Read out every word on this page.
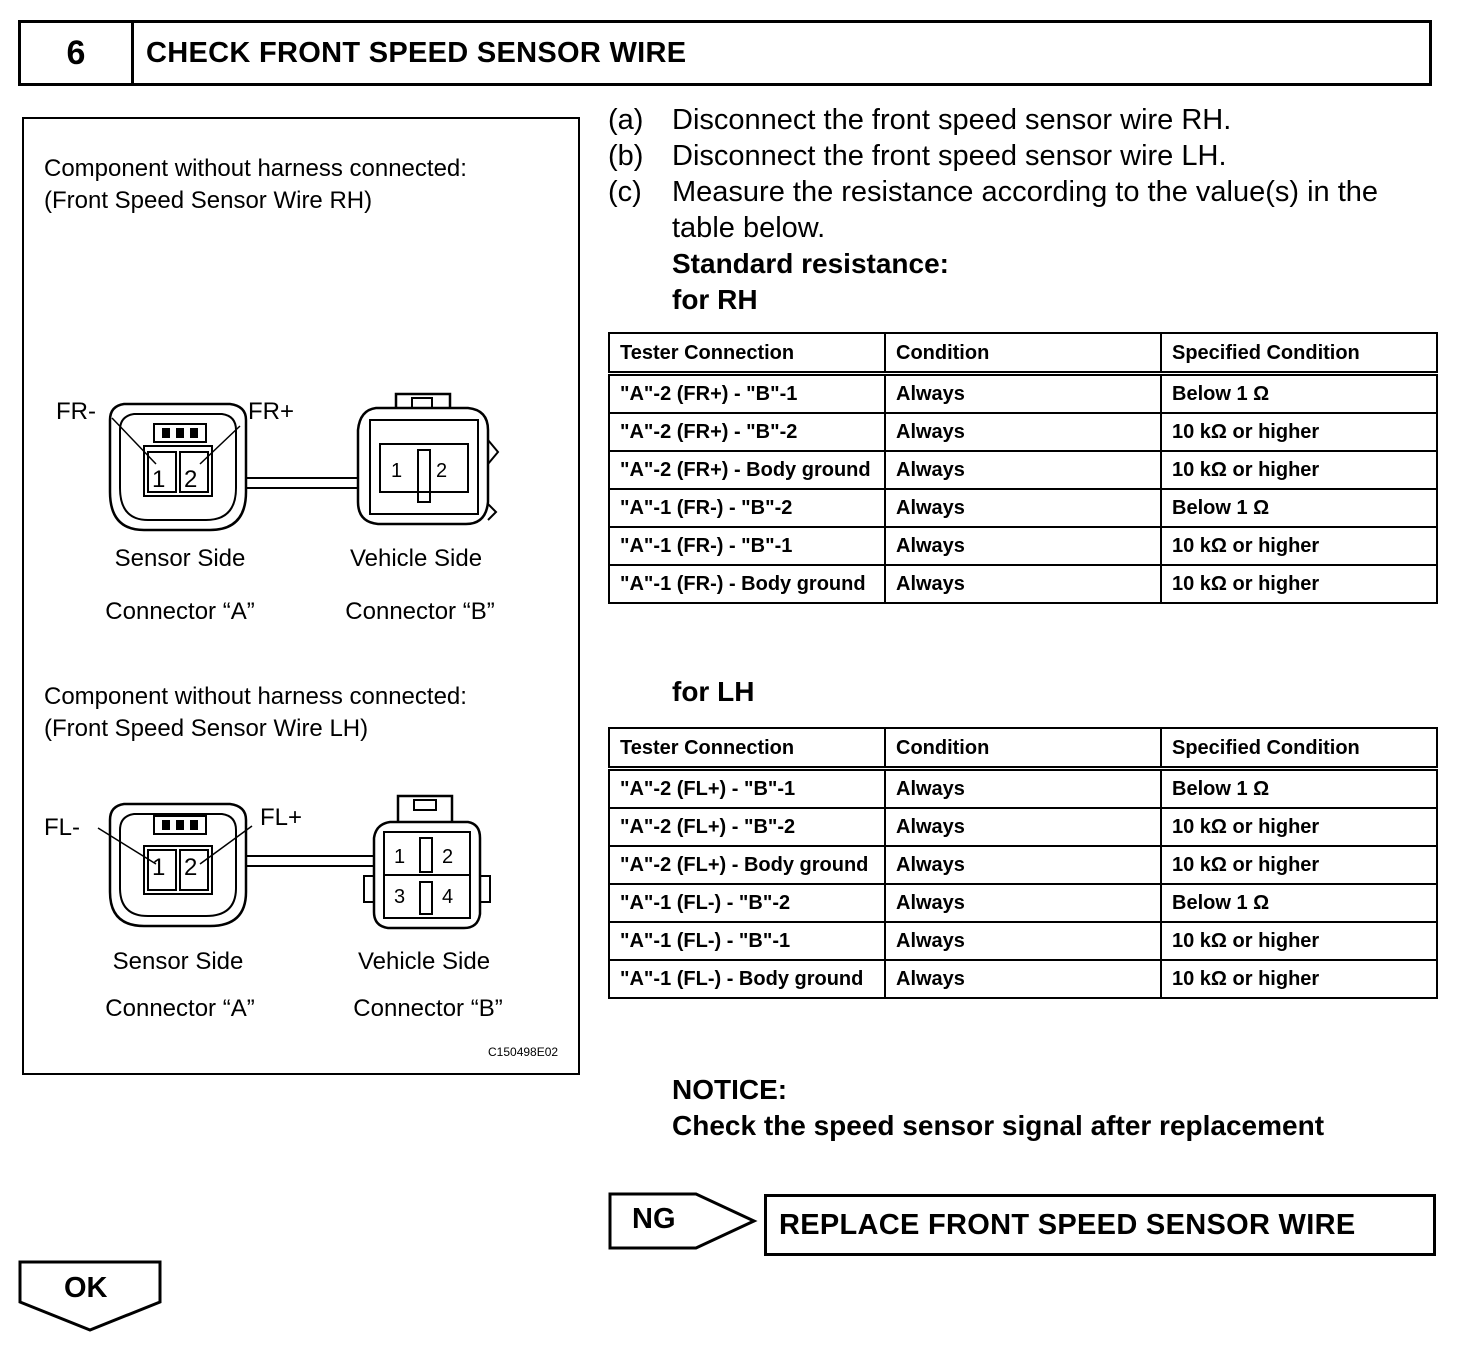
6	CHECK FRONT SPEED SENSOR WIRE
Component without harness connected:
(Front Speed Sensor Wire RH)
FR-	FR+
1 2	1 2
Sensor Side	Vehicle Side
Connector “A”	Connector “B”
Component without harness connected:
(Front Speed Sensor Wire LH)
FL-	FL+
1 2	1 2
3 4
Sensor Side	Vehicle Side
Connector “A”	Connector “B”
C150498E02
(a) Disconnect the front speed sensor wire RH.
(b) Disconnect the front speed sensor wire LH.
(c)	Measure the resistance according to the value(s) in the table below.
Standard resistance:
for RH
Tester Connection	Condition	Specified Condition
"A"-2 (FR+) - "B"-1	Always	Below 1 Ω
"A"-2 (FR+) - "B"-2	Always	10 kΩ or higher
"A"-2 (FR+) - Body ground	Always	10 kΩ or higher
"A"-1 (FR-) - "B"-2	Always	Below 1 Ω
"A"-1 (FR-) - "B"-1	Always	10 kΩ or higher
"A"-1 (FR-) - Body ground	Always	10 kΩ or higher
for LH
Tester Connection	Condition	Specified Condition
"A"-2 (FL+) - "B"-1	Always	Below 1 Ω
"A"-2 (FL+) - "B"-2	Always	10 kΩ or higher
"A"-2 (FL+) - Body ground	Always	10 kΩ or higher
"A"-1 (FL-) - "B"-2	Always	Below 1 Ω
"A"-1 (FL-) - "B"-1	Always	10 kΩ or higher
"A"-1 (FL-) - Body ground	Always	10 kΩ or higher
NOTICE:
Check the speed sensor signal after replacement
NG	REPLACE FRONT SPEED SENSOR WIRE
OK
